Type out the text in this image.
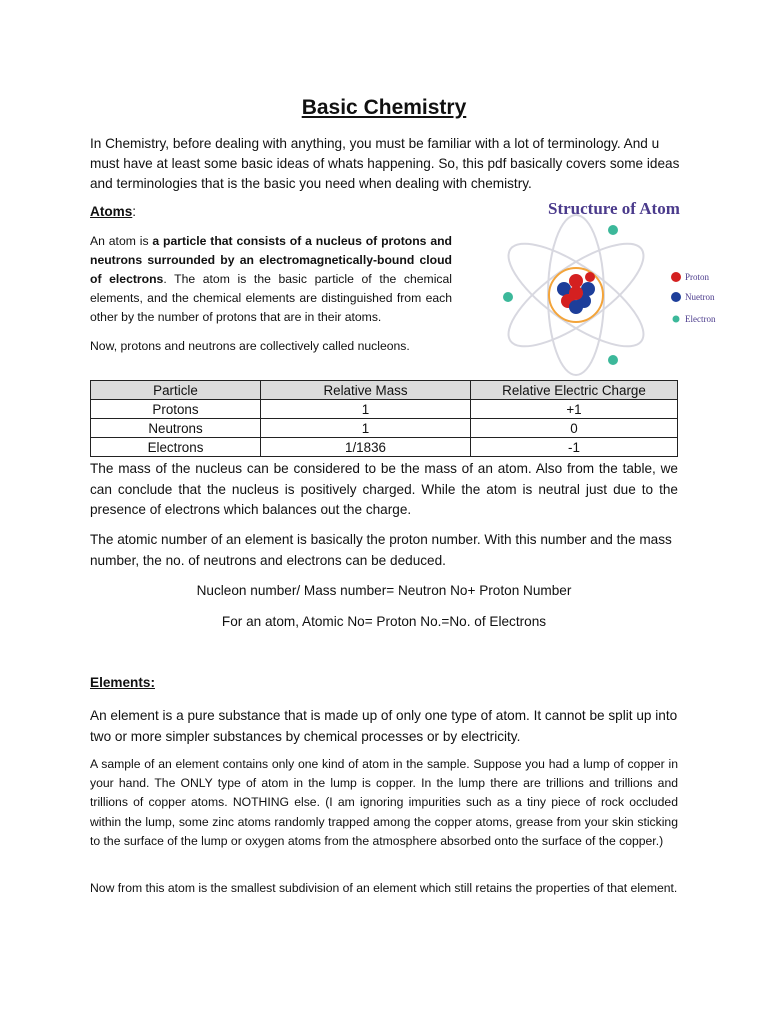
Basic Chemistry
In Chemistry, before dealing with anything, you must be familiar with a lot of terminology. And u must have at least some basic ideas of whats happening. So, this pdf basically covers some ideas and terminologies that is the basic you need when dealing with chemistry.
Atoms:
An atom is a particle that consists of a nucleus of protons and neutrons surrounded by an electromagnetically-bound cloud of electrons. The atom is the basic particle of the chemical elements, and the chemical elements are distinguished from each other by the number of protons that are in their atoms.
Now, protons and neutrons are collectively called nucleons.
Structure of Atom
Proton
Nuetron
Electron
Particle	Relative Mass	Relative Electric Charge
Protons	1	+1
Neutrons	1	0
Electrons	1/1836	-1
The mass of the nucleus can be considered to be the mass of an atom. Also from the table, we can conclude that the nucleus is positively charged. While the atom is neutral just due to the presence of electrons which balances out the charge.
The atomic number of an element is basically the proton number. With this number and the mass number, the no. of neutrons and electrons can be deduced.
Nucleon number/ Mass number= Neutron No+ Proton Number
For an atom, Atomic No= Proton No.=No. of Electrons
Elements:
An element is a pure substance that is made up of only one type of atom. It cannot be split up into two or more simpler substances by chemical processes or by electricity.
A sample of an element contains only one kind of atom in the sample. Suppose you had a lump of copper in your hand. The ONLY type of atom in the lump is copper. In the lump there are trillions and trillions and trillions of copper atoms. NOTHING else. (I am ignoring impurities such as a tiny piece of rock occluded within the lump, some zinc atoms randomly trapped among the copper atoms, grease from your skin sticking to the surface of the lump or oxygen atoms from the atmosphere absorbed onto the surface of the copper.)
Now from this atom is the smallest subdivision of an element which still retains the properties of that element.
